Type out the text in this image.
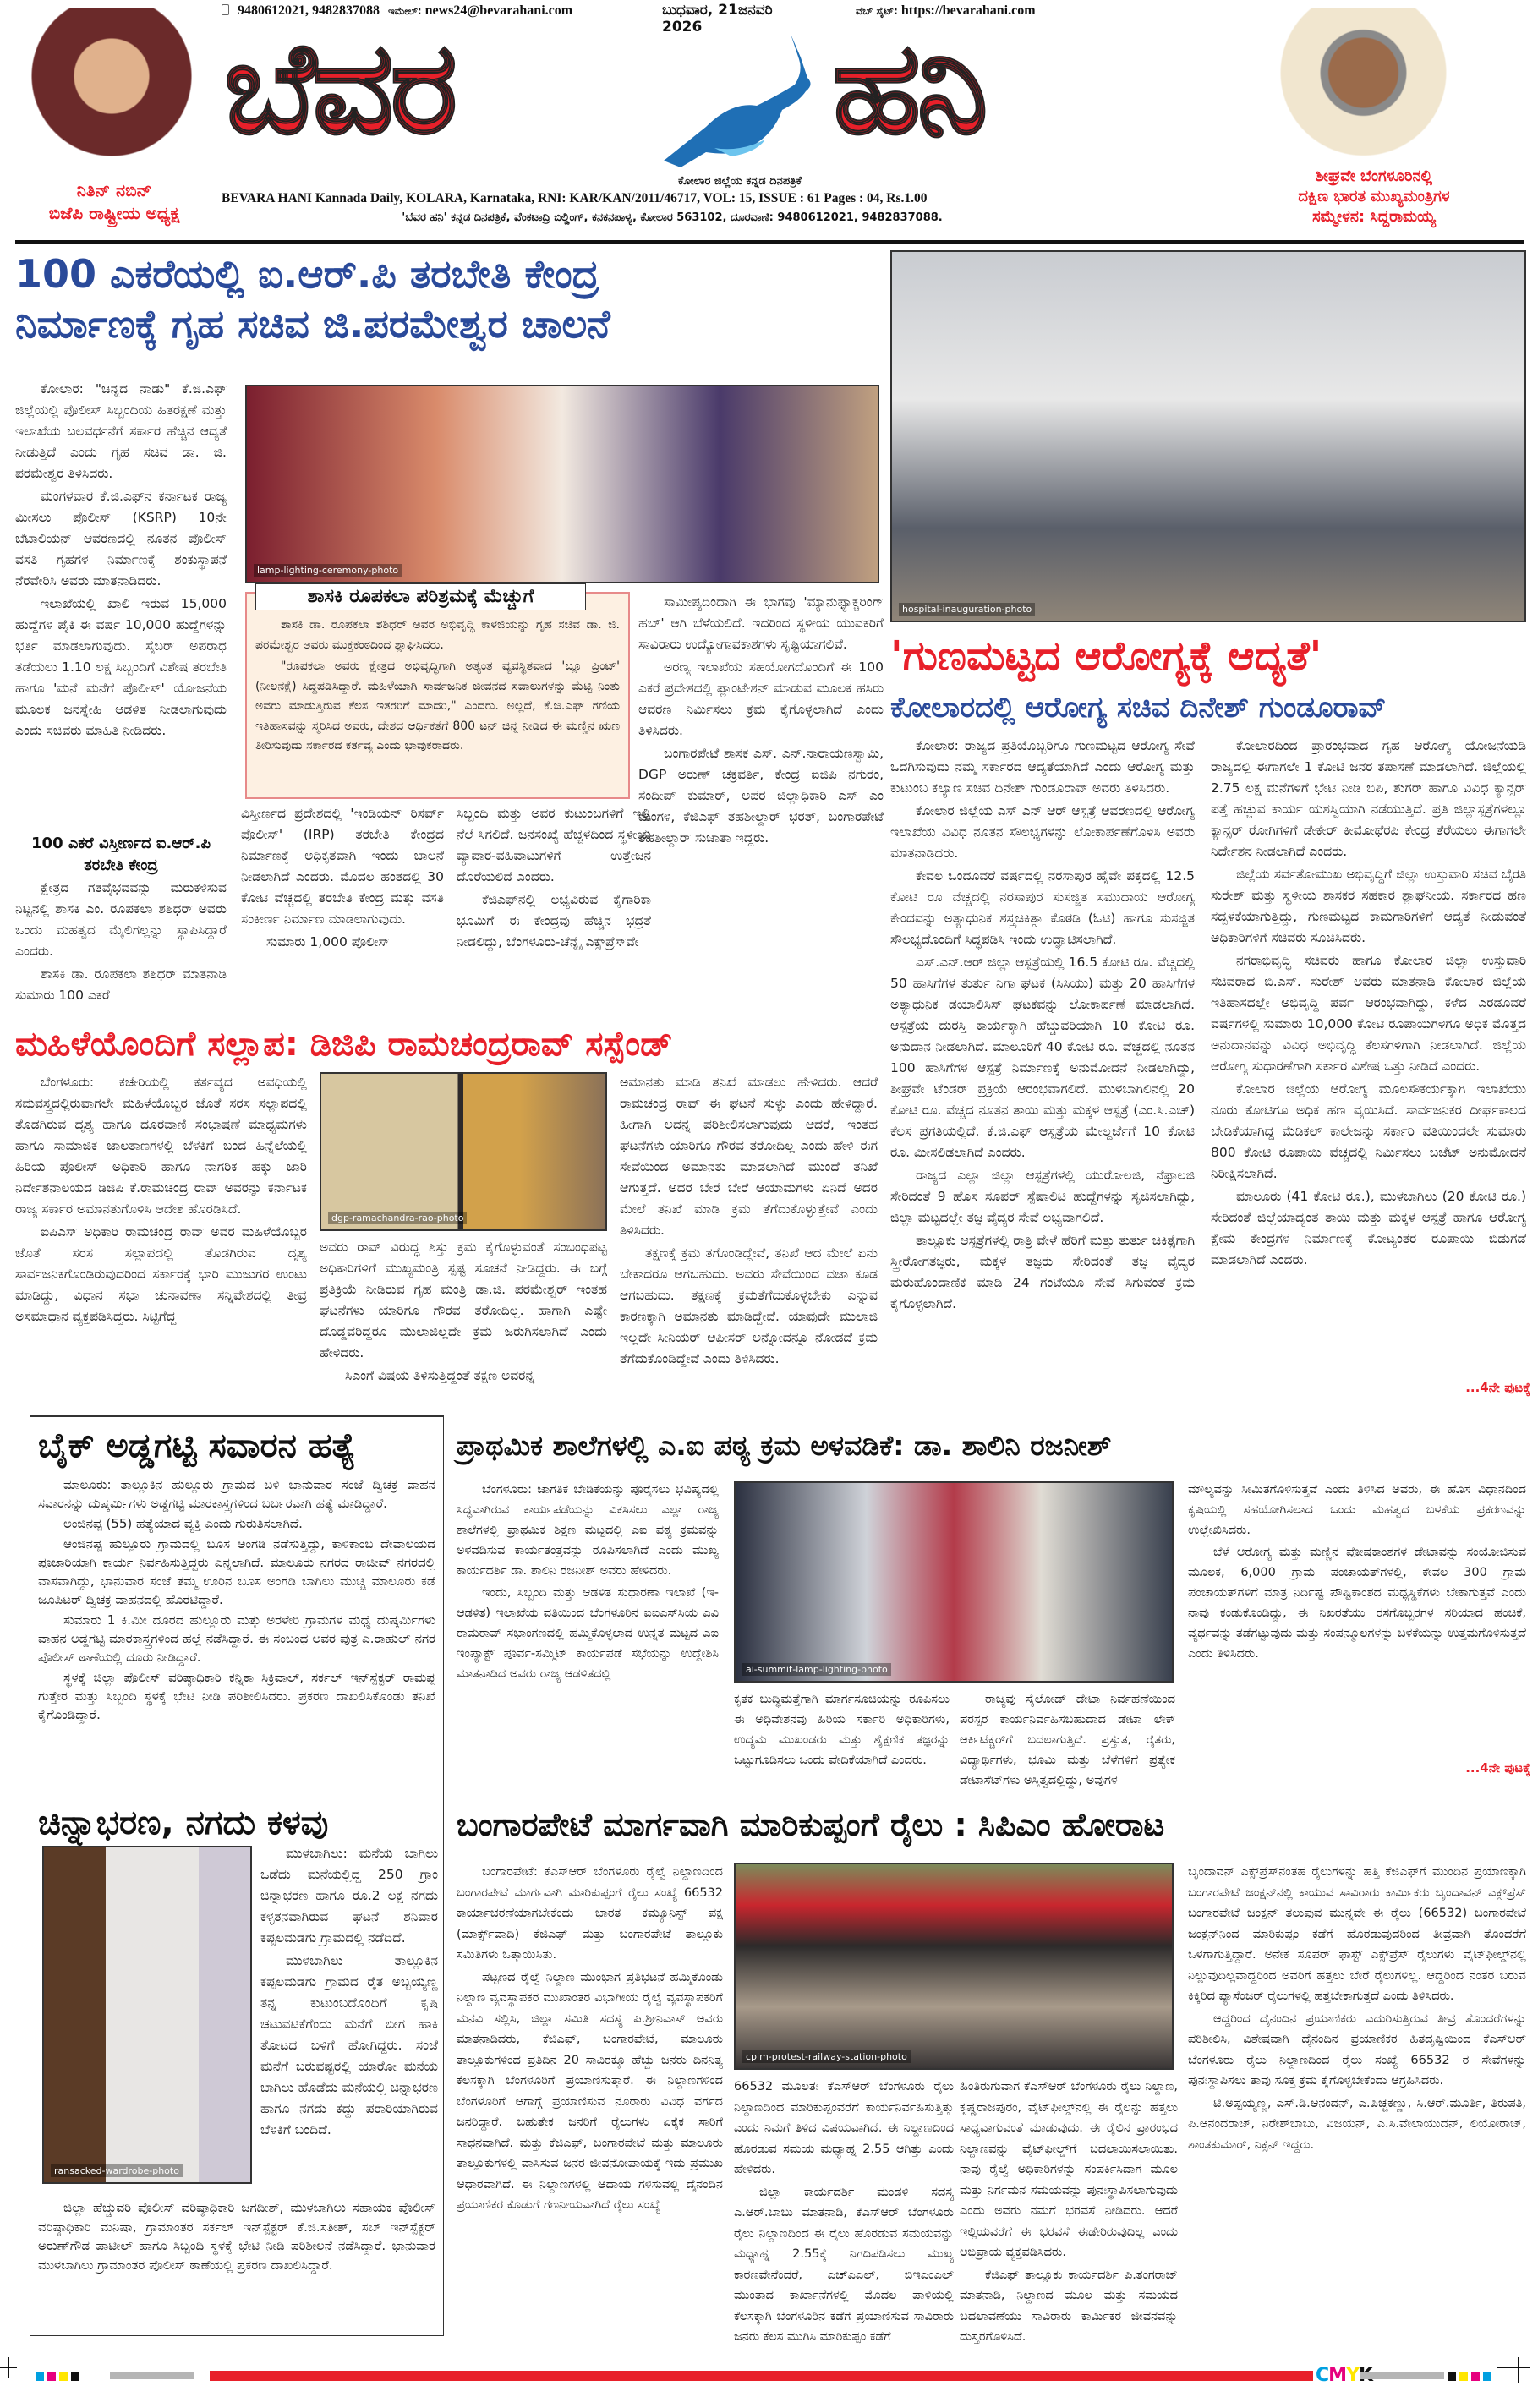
ನಿತಿನ್ ನಬಿನ್
ಬಿಜೆಪಿ ರಾಷ್ಟ್ರೀಯ ಅಧ್ಯಕ್ಷ
9480612021, 9482837088 ಇಮೇಲ್: news24@bevarahani.com	ಬುಧವಾರ, 21ಜನವರಿ 2026
ವೆಬ್ ಸೈಟ್: https://bevarahani.com
ಬೆವರ
ಕೋಲಾರ ಜಿಲ್ಲೆಯ ಕನ್ನಡ ದಿನಪತ್ರಿಕೆ
ಹನಿ
BEVARA HANI Kannada Daily, KOLARA, Karnataka, RNI: KAR/KAN/2011/46717, VOL: 15, ISSUE : 61 Pages : 04, Rs.1.00
'ಬೆವರ ಹನಿ' ಕನ್ನಡ ದಿನಪತ್ರಿಕೆ, ವೆಂಕಟಾದ್ರಿ ಬಿಲ್ಡಿಂಗ್, ಕನಕನಪಾಳ್ಯ, ಕೋಲಾರ 563102, ದೂರವಾಣಿ: 9480612021, 9482837088.
ಶೀಘ್ರವೇ ಬೆಂಗಳೂರಿನಲ್ಲಿ
ದಕ್ಷಿಣ ಭಾರತ ಮುಖ್ಯಮಂತ್ರಿಗಳ
ಸಮ್ಮೇಳನ: ಸಿದ್ದರಾಮಯ್ಯ
100 ಎಕರೆಯಲ್ಲಿ ಐ.ಆರ್.ಪಿ ತರಬೇತಿ ಕೇಂದ್ರ
ನಿರ್ಮಾಣಕ್ಕೆ ಗೃಹ ಸಚಿವ ಜಿ.ಪರಮೇಶ್ವರ ಚಾಲನೆ

ಕೋಲಾರ: "ಚಿನ್ನದ ನಾಡು" ಕೆ.ಜಿ.ಎಫ್ ಜಿಲ್ಲೆಯಲ್ಲಿ ಪೊಲೀಸ್ ಸಿಬ್ಬಂದಿಯ ಹಿತರಕ್ಷಣೆ ಮತ್ತು ಇಲಾಖೆಯ ಬಲವರ್ಧನೆಗೆ ಸರ್ಕಾರ ಹೆಚ್ಚಿನ ಆದ್ಯತೆ ನೀಡುತ್ತಿದೆ ಎಂದು ಗೃಹ ಸಚಿವ ಡಾ. ಜಿ. ಪರಮೇಶ್ವರ ತಿಳಿಸಿದರು.

ಮಂಗಳವಾರ ಕೆ.ಜಿ.ಎಫ್‌ನ ಕರ್ನಾಟಕ ರಾಜ್ಯ ಮೀಸಲು ಪೊಲೀಸ್ (KSRP) 10ನೇ ಬೆಟಾಲಿಯನ್ ಆವರಣದಲ್ಲಿ ನೂತನ ಪೊಲೀಸ್ ವಸತಿ ಗೃಹಗಳ ನಿರ್ಮಾಣಕ್ಕೆ ಶಂಕುಸ್ಥಾಪನೆ ನೆರವೇರಿಸಿ ಅವರು ಮಾತನಾಡಿದರು.

ಇಲಾಖೆಯಲ್ಲಿ ಖಾಲಿ ಇರುವ 15,000 ಹುದ್ದೆಗಳ ಪೈಕಿ ಈ ವರ್ಷ 10,000 ಹುದ್ದೆಗಳನ್ನು ಭರ್ತಿ ಮಾಡಲಾಗುವುದು. ಸೈಬರ್ ಅಪರಾಧ ತಡೆಯಲು 1.10 ಲಕ್ಷ ಸಿಬ್ಬಂದಿಗೆ ವಿಶೇಷ ತರಬೇತಿ ಹಾಗೂ 'ಮನೆ ಮನೆಗೆ ಪೊಲೀಸ್' ಯೋಜನೆಯ ಮೂಲಕ ಜನಸ್ನೇಹಿ ಆಡಳಿತ ನೀಡಲಾಗುವುದು ಎಂದು ಸಚಿವರು ಮಾಹಿತಿ ನೀಡಿದರು.

lamp-lighting-ceremony-photo
ಶಾಸಕಿ ರೂಪಕಲಾ ಪರಿಶ್ರಮಕ್ಕೆ ಮೆಚ್ಚುಗೆ

ಶಾಸಕಿ ಡಾ. ರೂಪಕಲಾ ಶಶಿಧರ್ ಅವರ ಅಭಿವೃದ್ಧಿ ಕಾಳಜಿಯನ್ನು ಗೃಹ ಸಚಿವ ಡಾ. ಜಿ. ಪರಮೇಶ್ವರ ಅವರು ಮುಕ್ತಕಂಠದಿಂದ ಶ್ಲಾಘಿಸಿದರು.

"ರೂಪಕಲಾ ಅವರು ಕ್ಷೇತ್ರದ ಅಭಿವೃದ್ಧಿಗಾಗಿ ಅತ್ಯಂತ ವ್ಯವಸ್ಥಿತವಾದ 'ಬ್ಲೂ ಪ್ರಿಂಟ್' (ನೀಲನಕ್ಷೆ) ಸಿದ್ಧಪಡಿಸಿದ್ದಾರೆ. ಮಹಿಳೆಯಾಗಿ ಸಾರ್ವಜನಿಕ ಜೀವನದ ಸವಾಲುಗಳನ್ನು ಮೆಟ್ಟಿ ನಿಂತು ಅವರು ಮಾಡುತ್ತಿರುವ ಕೆಲಸ ಇತರರಿಗೆ ಮಾದರಿ," ಎಂದರು. ಅಲ್ಲದೆ, ಕೆ.ಜಿ.ಎಫ್ ಗಣಿಯ ಇತಿಹಾಸವನ್ನು ಸ್ಮರಿಸಿದ ಅವರು, ದೇಶದ ಆರ್ಥಿಕತೆಗೆ 800 ಟನ್ ಚಿನ್ನ ನೀಡಿದ ಈ ಮಣ್ಣಿನ ಋಣ ತೀರಿಸುವುದು ಸರ್ಕಾರದ ಕರ್ತವ್ಯ ಎಂದು ಭಾವುಕರಾದರು.

ಸಾಮೀಪ್ಯದಿಂದಾಗಿ ಈ ಭಾಗವು 'ಮ್ಯಾನುಫ್ಯಾಕ್ಚರಿಂಗ್ ಹಬ್' ಆಗಿ ಬೆಳೆಯಲಿದೆ. ಇದರಿಂದ ಸ್ಥಳೀಯ ಯುವಕರಿಗೆ ಸಾವಿರಾರು ಉದ್ಯೋಗಾವಕಾಶಗಳು ಸೃಷ್ಟಿಯಾಗಲಿವೆ.

ಅರಣ್ಯ ಇಲಾಖೆಯ ಸಹಯೋಗದೊಂದಿಗೆ ಈ 100 ಎಕರೆ ಪ್ರದೇಶದಲ್ಲಿ ಪ್ಲಾಂಟೇಶನ್ ಮಾಡುವ ಮೂಲಕ ಹಸಿರು ಆವರಣ ನಿರ್ಮಿಸಲು ಕ್ರಮ ಕೈಗೊಳ್ಳಲಾಗಿದೆ ಎಂದು ತಿಳಿಸಿದರು.

ಬಂಗಾರಪೇಟೆ ಶಾಸಕ ಎಸ್. ಎನ್.ನಾರಾಯಣಸ್ವಾಮಿ, DGP ಅರುಣ್ ಚಕ್ರವರ್ತಿ, ಕೇಂದ್ರ ಐಜಿಪಿ ನಗುರಂ, ಸಂದೀಪ್ ಕುಮಾರ್, ಅಪರ ಜಿಲ್ಲಾಧಿಕಾರಿ ಎಸ್ ಎಂ ಮಂಗಳ, ಕೆಜಿಎಫ್ ತಹಶೀಲ್ದಾರ್ ಭರತ್, ಬಂಗಾರಪೇಟೆ ತಹಶೀಲ್ದಾರ್ ಸುಜಾತಾ ಇದ್ದರು.

100 ಎಕರೆ ವಿಸ್ತೀರ್ಣದ ಐ.ಆರ್.ಪಿ ತರಬೇತಿ ಕೇಂದ್ರ

ಕ್ಷೇತ್ರದ ಗತವೈಭವವನ್ನು ಮರುಕಳಿಸುವ ನಿಟ್ಟಿನಲ್ಲಿ ಶಾಸಕಿ ಎಂ. ರೂಪಕಲಾ ಶಶಿಧರ್ ಅವರು ಒಂದು ಮಹತ್ವದ ಮೈಲಿಗಲ್ಲನ್ನು ಸ್ಥಾಪಿಸಿದ್ದಾರೆ ಎಂದರು.

ಶಾಸಕಿ ಡಾ. ರೂಪಕಲಾ ಶಶಿಧರ್ ಮಾತನಾಡಿ ಸುಮಾರು 100 ಎಕರೆ

ವಿಸ್ತೀರ್ಣದ ಪ್ರದೇಶದಲ್ಲಿ 'ಇಂಡಿಯನ್ ರಿಸರ್ವ್ ಪೊಲೀಸ್' (IRP) ತರಬೇತಿ ಕೇಂದ್ರದ ನಿರ್ಮಾಣಕ್ಕೆ ಅಧಿಕೃತವಾಗಿ ಇಂದು ಚಾಲನೆ ನೀಡಲಾಗಿದೆ ಎಂದರು. ಮೊದಲ ಹಂತದಲ್ಲಿ 30 ಕೋಟಿ ವೆಚ್ಚದಲ್ಲಿ ತರಬೇತಿ ಕೇಂದ್ರ ಮತ್ತು ವಸತಿ ಸಂಕೀರ್ಣ ನಿರ್ಮಾಣ ಮಾಡಲಾಗುವುದು.

ಸುಮಾರು 1,000 ಪೊಲೀಸ್

ಸಿಬ್ಬಂದಿ ಮತ್ತು ಅವರ ಕುಟುಂಬಗಳಿಗೆ ಇಲ್ಲಿ ನೆಲೆ ಸಿಗಲಿದೆ. ಜನಸಂಖ್ಯೆ ಹೆಚ್ಚಳದಿಂದ ಸ್ಥಳೀಯ ವ್ಯಾಪಾರ-ವಹಿವಾಟುಗಳಿಗೆ ಉತ್ತೇಜನ ದೊರೆಯಲಿದೆ ಎಂದರು.

ಕೆಜಿಎಫ್‌ನಲ್ಲಿ ಲಭ್ಯವಿರುವ ಕೈಗಾರಿಕಾ ಭೂಮಿಗೆ ಈ ಕೇಂದ್ರವು ಹೆಚ್ಚಿನ ಭದ್ರತೆ ನೀಡಲಿದ್ದು, ಬೆಂಗಳೂರು-ಚೆನ್ನೈ ಎಕ್ಸ್‌ಪ್ರೆಸ್‌ವೇ

hospital-inauguration-photo
'ಗುಣಮಟ್ಟದ ಆರೋಗ್ಯಕ್ಕೆ ಆದ್ಯತೆ'
ಕೋಲಾರದಲ್ಲಿ ಆರೋಗ್ಯ ಸಚಿವ ದಿನೇಶ್ ಗುಂಡೂರಾವ್

ಕೋಲಾರ: ರಾಜ್ಯದ ಪ್ರತಿಯೊಬ್ಬರಿಗೂ ಗುಣಮಟ್ಟದ ಆರೋಗ್ಯ ಸೇವೆ ಒದಗಿಸುವುದು ನಮ್ಮ ಸರ್ಕಾರದ ಆದ್ಯತೆಯಾಗಿದೆ ಎಂದು ಆರೋಗ್ಯ ಮತ್ತು ಕುಟುಂಬ ಕಲ್ಯಾಣ ಸಚಿವ ದಿನೇಶ್ ಗುಂಡೂರಾವ್ ಅವರು ತಿಳಿಸಿದರು.

ಕೋಲಾರ ಜಿಲ್ಲೆಯ ಎಸ್ ಎನ್ ಆರ್ ಆಸ್ಪತ್ರೆ ಆವರಣದಲ್ಲಿ ಆರೋಗ್ಯ ಇಲಾಖೆಯ ವಿವಿಧ ನೂತನ ಸೌಲಭ್ಯಗಳನ್ನು ಲೋಕಾರ್ಪಣೆಗೊಳಿಸಿ ಅವರು ಮಾತನಾಡಿದರು.

ಕೇವಲ ಒಂದೂವರೆ ವರ್ಷದಲ್ಲಿ ನರಸಾಪುರ ಹೈವೇ ಪಕ್ಕದಲ್ಲಿ 12.5 ಕೋಟಿ ರೂ ವೆಚ್ಚದಲ್ಲಿ ನರಸಾಪುರ ಸುಸಜ್ಜಿತ ಸಮುದಾಯ ಆರೋಗ್ಯ ಕೇಂದವನ್ನು ಅತ್ಯಾಧುನಿಕ ಶಸ್ತ್ರಚಿಕಿತ್ಸಾ ಕೊಠಡಿ (ಓಟಿ) ಹಾಗೂ ಸುಸಜ್ಜಿತ ಸೌಲಭ್ಯದೊಂದಿಗೆ ಸಿದ್ಧಪಡಿಸಿ ಇಂದು ಉದ್ಘಾಟಿಸಲಾಗಿದೆ.

ಎಸ್.ಎನ್.ಆರ್ ಜಿಲ್ಲಾ ಆಸ್ಪತ್ರೆಯಲ್ಲಿ 16.5 ಕೋಟಿ ರೂ. ವೆಚ್ಚದಲ್ಲಿ 50 ಹಾಸಿಗೆಗಳ ತುರ್ತು ನಿಗಾ ಘಟಕ (ಸಿಸಿಯು) ಮತ್ತು 20 ಹಾಸಿಗೆಗಳ ಅತ್ಯಾಧುನಿಕ ಡಯಾಲಿಸಿಸ್ ಘಟಕವನ್ನು ಲೋಕಾರ್ಪಣೆ ಮಾಡಲಾಗಿದೆ. ಆಸ್ಪತ್ರೆಯ ದುರಸ್ತಿ ಕಾರ್ಯಕ್ಕಾಗಿ ಹೆಚ್ಚುವರಿಯಾಗಿ 10 ಕೋಟಿ ರೂ. ಅನುದಾನ ನೀಡಲಾಗಿದೆ. ಮಾಲೂರಿಗೆ 40 ಕೋಟಿ ರೂ. ವೆಚ್ಚದಲ್ಲಿ ನೂತನ 100 ಹಾಸಿಗೆಗಳ ಆಸ್ಪತ್ರೆ ನಿರ್ಮಾಣಕ್ಕೆ ಅನುಮೋದನೆ ನೀಡಲಾಗಿದ್ದು, ಶೀಘ್ರವೇ ಟೆಂಡರ್ ಪ್ರಕ್ರಿಯೆ ಆರಂಭವಾಗಲಿದೆ. ಮುಳಬಾಗಿಲಿನಲ್ಲಿ 20 ಕೋಟಿ ರೂ. ವೆಚ್ಚದ ನೂತನ ತಾಯಿ ಮತ್ತು ಮಕ್ಕಳ ಆಸ್ಪತ್ರೆ (ಎಂ.ಸಿ.ಎಚ್) ಕೆಲಸ ಪ್ರಗತಿಯಲ್ಲಿದೆ. ಕೆ.ಜಿ.ಎಫ್ ಆಸ್ಪತ್ರೆಯ ಮೇಲ್ದರ್ಜೆಗೆ 10 ಕೋಟಿ ರೂ. ಮೀಸಲಿಡಲಾಗಿದೆ ಎಂದರು.

ರಾಜ್ಯದ ಎಲ್ಲಾ ಜಿಲ್ಲಾ ಆಸ್ಪತ್ರೆಗಳಲ್ಲಿ ಯುರೋಲಜಿ, ನೆಫ್ರಾಲಜಿ ಸೇರಿದಂತೆ 9 ಹೊಸ ಸೂಪರ್ ಸ್ಪೆಷಾಲಿಟಿ ಹುದ್ದೆಗಳನ್ನು ಸೃಜಿಸಲಾಗಿದ್ದು, ಜಿಲ್ಲಾ ಮಟ್ಟದಲ್ಲೇ ತಜ್ಞ ವೈದ್ಯರ ಸೇವೆ ಲಭ್ಯವಾಗಲಿದೆ.

ತಾಲ್ಲೂಕು ಆಸ್ಪತ್ರೆಗಳಲ್ಲಿ ರಾತ್ರಿ ವೇಳೆ ಹೆರಿಗೆ ಮತ್ತು ತುರ್ತು ಚಿಕಿತ್ಸೆಗಾಗಿ ಸ್ತ್ರೀರೋಗತಜ್ಞರು, ಮಕ್ಕಳ ತಜ್ಞರು ಸೇರಿದಂತೆ ತಜ್ಞ ವೈದ್ಯರ ಮರುಹೊಂದಾಣಿಕೆ ಮಾಡಿ 24 ಗಂಟೆಯೂ ಸೇವೆ ಸಿಗುವಂತೆ ಕ್ರಮ ಕೈಗೊಳ್ಳಲಾಗಿದೆ.

ಕೋಲಾರದಿಂದ ಪ್ರಾರಂಭವಾದ ಗೃಹ ಆರೋಗ್ಯ ಯೋಜನೆಯಡಿ ರಾಜ್ಯದಲ್ಲಿ ಈಗಾಗಲೇ 1 ಕೋಟಿ ಜನರ ತಪಾಸಣೆ ಮಾಡಲಾಗಿದೆ. ಜಿಲ್ಲೆಯಲ್ಲಿ 2.75 ಲಕ್ಷ ಮನೆಗಳಿಗೆ ಭೇಟಿ ನೀಡಿ ಬಿಪಿ, ಶುಗರ್ ಹಾಗೂ ವಿವಿಧ ಕ್ಯಾನ್ಸರ್ ಪತ್ತೆ ಹಚ್ಚುವ ಕಾರ್ಯ ಯಶಸ್ವಿಯಾಗಿ ನಡೆಯುತ್ತಿದೆ. ಪ್ರತಿ ಜಿಲ್ಲಾಸ್ಪತ್ರೆಗಳಲ್ಲೂ ಕ್ಯಾನ್ಸರ್ ರೋಗಿಗಳಿಗೆ ಡೇಕೇರ್ ಕೀಮೋಥೆರಪಿ ಕೇಂದ್ರ ತೆರೆಯಲು ಈಗಾಗಲೇ ನಿರ್ದೇಶನ ನೀಡಲಾಗಿದೆ ಎಂದರು.

ಜಿಲ್ಲೆಯ ಸರ್ವತೋಮುಖ ಅಭಿವೃದ್ಧಿಗೆ ಜಿಲ್ಲಾ ಉಸ್ತುವಾರಿ ಸಚಿವ ಬೈರತಿ ಸುರೇಶ್ ಮತ್ತು ಸ್ಥಳೀಯ ಶಾಸಕರ ಸಹಕಾರ ಶ್ಲಾಘನೀಯ. ಸರ್ಕಾರದ ಹಣ ಸದ್ಬಳಕೆಯಾಗುತ್ತಿದ್ದು, ಗುಣಮಟ್ಟದ ಕಾಮಗಾರಿಗಳಿಗೆ ಆದ್ಯತೆ ನೀಡುವಂತೆ ಅಧಿಕಾರಿಗಳಿಗೆ ಸಚಿವರು ಸೂಚಿಸಿದರು.

ನಗರಾಭಿವೃದ್ಧಿ ಸಚಿವರು ಹಾಗೂ ಕೋಲಾರ ಜಿಲ್ಲಾ ಉಸ್ತುವಾರಿ ಸಚಿವರಾದ ಬಿ.ಎಸ್. ಸುರೇಶ್ ಅವರು ಮಾತನಾಡಿ ಕೋಲಾರ ಜಿಲ್ಲೆಯ ಇತಿಹಾಸದಲ್ಲೇ ಅಭಿವೃದ್ಧಿ ಪರ್ವ ಆರಂಭವಾಗಿದ್ದು, ಕಳೆದ ಎರಡೂವರೆ ವರ್ಷಗಳಲ್ಲಿ ಸುಮಾರು 10,000 ಕೋಟಿ ರೂಪಾಯಿಗಳಿಗೂ ಅಧಿಕ ಮೊತ್ತದ ಅನುದಾನವನ್ನು ವಿವಿಧ ಅಭಿವೃದ್ಧಿ ಕೆಲಸಗಳಿಗಾಗಿ ನೀಡಲಾಗಿದೆ. ಜಿಲ್ಲೆಯ ಆರೋಗ್ಯ ಸುಧಾರಣೆಗಾಗಿ ಸರ್ಕಾರ ವಿಶೇಷ ಒತ್ತು ನೀಡಿದೆ ಎಂದರು.

ಕೋಲಾರ ಜಿಲ್ಲೆಯ ಆರೋಗ್ಯ ಮೂಲಸೌಕರ್ಯಕ್ಕಾಗಿ ಇಲಾಖೆಯು ನೂರು ಕೋಟಿಗೂ ಅಧಿಕ ಹಣ ವ್ಯಯಿಸಿದೆ. ಸಾರ್ವಜನಿಕರ ದೀರ್ಘಕಾಲದ ಬೇಡಿಕೆಯಾಗಿದ್ದ ಮೆಡಿಕಲ್ ಕಾಲೇಜನ್ನು ಸರ್ಕಾರಿ ವತಿಯಿಂದಲೇ ಸುಮಾರು 800 ಕೋಟಿ ರೂಪಾಯಿ ವೆಚ್ಚದಲ್ಲಿ ನಿರ್ಮಿಸಲು ಬಜೆಟ್ ಅನುಮೋದನೆ ನಿರೀಕ್ಷಿಸಲಾಗಿದೆ.

ಮಾಲೂರು (41 ಕೋಟಿ ರೂ.), ಮುಳಬಾಗಿಲು (20 ಕೋಟಿ ರೂ.) ಸೇರಿದಂತೆ ಜಿಲ್ಲೆಯಾದ್ಯಂತ ತಾಯಿ ಮತ್ತು ಮಕ್ಕಳ ಆಸ್ಪತ್ರೆ ಹಾಗೂ ಆರೋಗ್ಯ ಕ್ಷೇಮ ಕೇಂದ್ರಗಳ ನಿರ್ಮಾಣಕ್ಕೆ ಕೋಟ್ಯಂತರ ರೂಪಾಯಿ ಬಿಡುಗಡೆ ಮಾಡಲಾಗಿದೆ ಎಂದರು.

...4ನೇ ಪುಟಕ್ಕೆ
ಮಹಿಳೆಯೊಂದಿಗೆ ಸಲ್ಲಾಪ: ಡಿಜಿಪಿ ರಾಮಚಂದ್ರರಾವ್ ಸಸ್ಪೆಂಡ್

ಬೆಂಗಳೂರು: ಕಚೇರಿಯಲ್ಲಿ ಕರ್ತವ್ಯದ ಅವಧಿಯಲ್ಲಿ ಸಮವಸ್ತ್ರದಲ್ಲಿರುವಾಗಲೇ ಮಹಿಳೆಯೊಬ್ಬರ ಜೊತೆ ಸರಸ ಸಲ್ಲಾಪದಲ್ಲಿ ತೊಡಗಿರುವ ದೃಶ್ಯ ಹಾಗೂ ದೂರವಾಣಿ ಸಂಭಾಷಣೆ ಮಾಧ್ಯಮಗಳು ಹಾಗೂ ಸಾಮಾಜಿಕ ಜಾಲತಾಣಗಳಲ್ಲಿ ಬೆಳಕಿಗೆ ಬಂದ ಹಿನ್ನೆಲೆಯಲ್ಲಿ ಹಿರಿಯ ಪೊಲೀಸ್ ಅಧಿಕಾರಿ ಹಾಗೂ ನಾಗರಿಕ ಹಕ್ಕು ಜಾರಿ ನಿರ್ದೇಶನಾಲಯದ ಡಿಜಿಪಿ ಕೆ.ರಾಮಚಂದ್ರ ರಾವ್ ಅವರನ್ನು ಕರ್ನಾಟಕ ರಾಜ್ಯ ಸರ್ಕಾರ ಅಮಾನತುಗೊಳಿಸಿ ಆದೇಶ ಹೊರಡಿಸಿದೆ.

ಐಪಿಎಸ್ ಅಧಿಕಾರಿ ರಾಮಚಂದ್ರ ರಾವ್ ಅವರ ಮಹಿಳೆಯೊಬ್ಬರ ಜೊತೆ ಸರಸ ಸಲ್ಲಾಪದಲ್ಲಿ ತೊಡಗಿರುವ ದೃಶ್ಯ ಸಾರ್ವಜನಿಕಗೊಂಡಿರುವುದರಿಂದ ಸರ್ಕಾರಕ್ಕೆ ಭಾರಿ ಮುಜುಗರ ಉಂಟು ಮಾಡಿದ್ದು, ವಿಧಾನ ಸಭಾ ಚುನಾವಣಾ ಸನ್ನಿವೇಶದಲ್ಲಿ ತೀವ್ರ ಅಸಮಾಧಾನ ವ್ಯಕ್ತಪಡಿಸಿದ್ದರು. ಸಿಟ್ಟಿಗೆದ್ದ

dgp-ramachandra-rao-photo

ಅವರು ರಾವ್ ವಿರುದ್ಧ ಶಿಸ್ತು ಕ್ರಮ ಕೈಗೊಳ್ಳುವಂತೆ ಸಂಬಂಧಪಟ್ಟ ಅಧಿಕಾರಿಗಳಿಗೆ ಮುಖ್ಯಮಂತ್ರಿ ಸ್ಪಷ್ಟ ಸೂಚನೆ ನೀಡಿದ್ದರು. ಈ ಬಗ್ಗೆ ಪ್ರತಿಕ್ರಿಯೆ ನೀಡಿರುವ ಗೃಹ ಮಂತ್ರಿ ಡಾ.ಜಿ. ಪರಮೇಶ್ವರ್ ಇಂತಹ ಘಟನೆಗಳು ಯಾರಿಗೂ ಗೌರವ ತರೋದಿಲ್ಲ. ಹಾಗಾಗಿ ಎಷ್ಟೇ ದೊಡ್ಡವರಿದ್ದರೂ ಮುಲಾಜಿಲ್ಲದೇ ಕ್ರಮ ಜರುಗಿಸಲಾಗಿದೆ ಎಂದು ಹೇಳಿದರು.

ಸಿಎಂಗೆ ವಿಷಯ ತಿಳಿಸುತ್ತಿದ್ದಂತೆ ತಕ್ಷಣ ಅವರನ್ನ

ಅಮಾನತು ಮಾಡಿ ತನಿಖೆ ಮಾಡಲು ಹೇಳಿದರು. ಆದರೆ ರಾಮಚಂದ್ರ ರಾವ್ ಈ ಘಟನೆ ಸುಳ್ಳು ಎಂದು ಹೇಳಿದ್ದಾರೆ. ಹೀಗಾಗಿ ಅದನ್ನ ಪರಿಶೀಲಿಸಲಾಗುವುದು ಆದರೆ, ಇಂತಹ ಘಟನೆಗಳು ಯಾರಿಗೂ ಗೌರವ ತರೋದಿಲ್ಲ ಎಂದು ಹೇಳಿ ಈಗ ಸೇವೆಯಿಂದ ಅಮಾನತು ಮಾಡಲಾಗಿದೆ ಮುಂದೆ ತನಿಖೆ ಆಗುತ್ತದೆ. ಅದರ ಬೇರೆ ಬೇರೆ ಆಯಾಮಗಳು ಏನಿದೆ ಅದರ ಮೇಲೆ ತನಿಖೆ ಮಾಡಿ ಕ್ರಮ ತೆಗೆದುಕೊಳ್ಳುತ್ತೇವೆ ಎಂದು ತಿಳಿಸಿದರು.

ತಕ್ಷಣಕ್ಕೆ ಕ್ರಮ ತಗೊಂಡಿದ್ದೇವೆ, ತನಿಖೆ ಆದ ಮೇಲೆ ಏನು ಬೇಕಾದರೂ ಆಗಬಹುದು. ಅವರು ಸೇವೆಯಿಂದ ವಜಾ ಕೂಡ ಆಗಬಹುದು. ತಕ್ಷಣಕ್ಕೆ ಕ್ರಮತೆಗೆದುಕೊಳ್ಳಬೇಕು ಎನ್ನುವ ಕಾರಣಕ್ಕಾಗಿ ಅಮಾನತು ಮಾಡಿದ್ದೇವೆ. ಯಾವುದೇ ಮುಲಾಜಿ ಇಲ್ಲದೇ ಸೀನಿಯರ್ ಆಫೀಸರ್ ಅನ್ನೋದನ್ನೂ ನೋಡದೆ ಕ್ರಮ ತೆಗೆದುಕೊಂಡಿದ್ದೇವೆ ಎಂದು ತಿಳಿಸಿದರು.

ಬೈಕ್ ಅಡ್ಡಗಟ್ಟಿ ಸವಾರನ ಹತ್ಯೆ

ಮಾಲೂರು: ತಾಲ್ಲೂಕಿನ ಹುಲ್ಲೂರು ಗ್ರಾಮದ ಬಳಿ ಭಾನುವಾರ ಸಂಜೆ ದ್ವಿಚಕ್ರ ವಾಹನ ಸವಾರನನ್ನು ದುಷ್ಕರ್ಮಿಗಳು ಅಡ್ಡಗಟ್ಟಿ ಮಾರಕಾಸ್ತ್ರಗಳಿಂದ ಬರ್ಬರವಾಗಿ ಹತ್ಯೆ ಮಾಡಿದ್ದಾರೆ.

ಅಂಜಿನಪ್ಪ (55) ಹತ್ಯೆಯಾದ ವ್ಯಕ್ತಿ ಎಂದು ಗುರುತಿಸಲಾಗಿದೆ.

ಆಂಜಿನಪ್ಪ ಹುಲ್ಲೂರು ಗ್ರಾಮದಲ್ಲಿ ಬೂಸ ಅಂಗಡಿ ನಡೆಸುತ್ತಿದ್ದು, ಕಾಳಿಕಾಂಬ ದೇವಾಲಯದ ಪೂಜಾರಿಯಾಗಿ ಕಾರ್ಯ ನಿರ್ವಹಿಸುತ್ತಿದ್ದರು ಎನ್ನಲಾಗಿದೆ. ಮಾಲೂರು ನಗರದ ರಾಜೀವ್ ನಗರದಲ್ಲಿ ವಾಸವಾಗಿದ್ದು, ಭಾನುವಾರ ಸಂಜೆ ತಮ್ಮ ಊರಿನ ಬೂಸ ಅಂಗಡಿ ಬಾಗಿಲು ಮುಚ್ಚಿ ಮಾಲೂರು ಕಡೆ ಜೂಪಿಟರ್ ದ್ವಿಚಕ್ರ ವಾಹನದಲ್ಲಿ ಹೊರಟಿದ್ದಾರೆ.

ಸುಮಾರು 1 ಕಿ.ಮೀ ದೂರದ ಹುಲ್ಲೂರು ಮತ್ತು ಅರಳೇರಿ ಗ್ರಾಮಗಳ ಮಧ್ಯೆ ದುಷ್ಕರ್ಮಿಗಳು ವಾಹನ ಅಡ್ಡಗಟ್ಟಿ ಮಾರಕಾಸ್ತ್ರಗಳಿಂದ ಹಲ್ಲೆ ನಡೆಸಿದ್ದಾರೆ. ಈ ಸಂಬಂಧ ಅವರ ಪುತ್ರ ಎ.ರಾಹುಲ್ ನಗರ ಪೊಲೀಸ್ ಠಾಣೆಯಲ್ಲಿ ದೂರು ನೀಡಿದ್ದಾರೆ.

ಸ್ಥಳಕ್ಕೆ ಜಿಲ್ಲಾ ಪೊಲೀಸ್ ವರಿಷ್ಠಾಧಿಕಾರಿ ಕನ್ನಿಕಾ ಸಿಕ್ರಿವಾಲ್, ಸರ್ಕಲ್ ಇನ್‌ಸ್ಪೆಕ್ಟರ್ ರಾಮಪ್ಪ ಗುತ್ತೇರ ಮತ್ತು ಸಿಬ್ಬಂದಿ ಸ್ಥಳಕ್ಕೆ ಭೇಟಿ ನೀಡಿ ಪರಿಶೀಲಿಸಿದರು. ಪ್ರಕರಣ ದಾಖಲಿಸಿಕೊಂಡು ತನಿಖೆ ಕೈಗೊಂಡಿದ್ದಾರೆ.

ಚಿನ್ನಾಭರಣ, ನಗದು ಕಳವು
ransacked-wardrobe-photo

ಮುಳಬಾಗಿಲು: ಮನೆಯ ಬಾಗಿಲು ಒಡೆದು ಮನೆಯಲ್ಲಿದ್ದ 250 ಗ್ರಾಂ ಚಿನ್ನಾಭರಣ ಹಾಗೂ ರೂ.2 ಲಕ್ಷ ನಗದು ಕಳ್ಳತನವಾಗಿರುವ ಘಟನೆ ಶನಿವಾರ ಕಪ್ಪಲಮಡಗು ಗ್ರಾಮದಲ್ಲಿ ನಡೆದಿದೆ.

ಮುಳಬಾಗಿಲು ತಾಲ್ಲೂಕಿನ ಕಪ್ಪಲಮಡಗು ಗ್ರಾಮದ ರೈತ ಅಬ್ಬಯ್ಯಣ್ಣ ತನ್ನ ಕುಟುಂಬದೊಂದಿಗೆ ಕೃಷಿ ಚಟುವಟಿಕೆಗೆಂದು ಮನೆಗೆ ಬೀಗ ಹಾಕಿ ತೋಟದ ಬಳಿಗೆ ಹೋಗಿದ್ದರು. ಸಂಜೆ ಮನೆಗೆ ಬರುವಷ್ಟರಲ್ಲಿ ಯಾರೋ ಮನೆಯ ಬಾಗಿಲು ಹೊಡೆದು ಮನೆಯಲ್ಲಿ ಚಿನ್ನಾಭರಣ ಹಾಗೂ ನಗದು ಕದ್ದು ಪರಾರಿಯಾಗಿರುವ ಬೆಳಕಿಗೆ ಬಂದಿದೆ.

ಜಿಲ್ಲಾ ಹೆಚ್ಚುವರಿ ಪೊಲೀಸ್ ವರಿಷ್ಠಾಧಿಕಾರಿ ಜಗದೀಶ್, ಮುಳಬಾಗಿಲು ಸಹಾಯಕ ಪೊಲೀಸ್ ವರಿಷ್ಠಾಧಿಕಾರಿ ಮನಿಷಾ, ಗ್ರಾಮಾಂತರ ಸರ್ಕಲ್ ಇನ್‌ಸ್ಪೆಕ್ಟರ್ ಕೆ.ಜಿ.ಸತೀಶ್, ಸಬ್ ಇನ್‌ಸ್ಪೆಕ್ಟರ್ ಅರುಣ್‌ಗೌಡ ಪಾಟೀಲ್ ಹಾಗೂ ಸಿಬ್ಬಂದಿ ಸ್ಥಳಕ್ಕೆ ಭೇಟಿ ನೀಡಿ ಪರಿಶೀಲನೆ ನಡೆಸಿದ್ದಾರೆ. ಭಾನುವಾರ ಮುಳಬಾಗಿಲು ಗ್ರಾಮಾಂತರ ಪೊಲೀಸ್ ಠಾಣೆಯಲ್ಲಿ ಪ್ರಕರಣ ದಾಖಲಿಸಿದ್ದಾರೆ.

ಪ್ರಾಥಮಿಕ ಶಾಲೆಗಳಲ್ಲಿ ಎ.ಐ ಪಠ್ಯ ಕ್ರಮ ಅಳವಡಿಕೆ: ಡಾ. ಶಾಲಿನಿ ರಜನೀಶ್

ಬೆಂಗಳೂರು: ಜಾಗತಿಕ ಬೇಡಿಕೆಯನ್ನು ಪೂರೈಸಲು ಭವಿಷ್ಯದಲ್ಲಿ ಸಿದ್ಧವಾಗಿರುವ ಕಾರ್ಯಪಡೆಯನ್ನು ವಿಕಸಿಸಲು ಎಲ್ಲಾ ರಾಜ್ಯ ಶಾಲೆಗಳಲ್ಲಿ ಪ್ರಾಥಮಿಕ ಶಿಕ್ಷಣ ಮಟ್ಟದಲ್ಲಿ ಎಐ ಪಠ್ಯ ಕ್ರಮವನ್ನು ಅಳವಡಿಸುವ ಕಾರ್ಯತಂತ್ರವನ್ನು ರೂಪಿಸಲಾಗಿದೆ ಎಂದು ಮುಖ್ಯ ಕಾರ್ಯದರ್ಶಿ ಡಾ. ಶಾಲಿನಿ ರಜನೀಶ್ ಅವರು ಹೇಳಿದರು.

ಇಂದು, ಸಿಬ್ಬಂದಿ ಮತ್ತು ಆಡಳಿತ ಸುಧಾರಣಾ ಇಲಾಖೆ (ಇ-ಆಡಳಿತ) ಇಲಾಖೆಯ ವತಿಯಿಂದ ಬೆಂಗಳೂರಿನ ಐಐಎಸ್‌ಸಿಯ ಎವಿ ರಾಮರಾವ್ ಸಭಾಂಗಣದಲ್ಲಿ ಹಮ್ಮಿಕೊಳ್ಳಲಾದ ಉನ್ನತ ಮಟ್ಟದ ಎಐ ಇಂಪ್ಯಾಕ್ಟ್ ಪೂರ್ವ-ಸಮ್ಮಿಟ್ ಕಾರ್ಯಪಡೆ ಸಭೆಯನ್ನು ಉದ್ದೇಶಿಸಿ ಮಾತನಾಡಿದ ಅವರು ರಾಜ್ಯ ಆಡಳಿತದಲ್ಲಿ	ai-summit-lamp-lighting-photo

ಕೃತಕ ಬುದ್ಧಿಮತ್ತೆಗಾಗಿ ಮಾರ್ಗಸೂಚಿಯನ್ನು ರೂಪಿಸಲು ಈ ಅಧಿವೇಶನವು ಹಿರಿಯ ಸರ್ಕಾರಿ ಅಧಿಕಾರಿಗಳು, ಉದ್ಯಮ ಮುಖಂಡರು ಮತ್ತು ಶೈಕ್ಷಣಿಕ ತಜ್ಞರನ್ನು ಒಟ್ಟುಗೂಡಿಸಲು ಒಂದು ವೇದಿಕೆಯಾಗಿದೆ ಎಂದರು.

ರಾಜ್ಯವು ಸೈಲೋಡ್ ಡೇಟಾ ನಿರ್ವಹಣೆಯಿಂದ ಪರಸ್ಪರ ಕಾರ್ಯನಿರ್ವಹಿಸಬಹುದಾದ ಡೇಟಾ ಲೇಕ್ ಆರ್ಕಿಟೆಕ್ಚರ್‌ಗೆ ಬದಲಾಗುತ್ತಿದೆ. ಪ್ರಸ್ತುತ, ರೈತರು, ವಿದ್ಯಾರ್ಥಿಗಳು, ಭೂಮಿ ಮತ್ತು ಬೆಳೆಗಳಿಗೆ ಪ್ರತ್ಯೇಕ ಡೇಟಾಸೆಟ್‌ಗಳು ಅಸ್ತಿತ್ವದಲ್ಲಿದ್ದು, ಅವುಗಳ

ಮೌಲ್ಯವನ್ನು ಸೀಮಿತಗೊಳಿಸುತ್ತವೆ ಎಂದು ತಿಳಿಸಿದ ಅವರು, ಈ ಹೊಸ ವಿಧಾನದಿಂದ ಕೃಷಿಯಲ್ಲಿ ಸಹಯೋಗಿಸಲಾದ ಒಂದು ಮಹತ್ವದ ಬಳಕೆಯ ಪ್ರಕರಣವನ್ನು ಉಲ್ಲೇಖಿಸಿದರು.

ಬೆಳೆ ಆರೋಗ್ಯ ಮತ್ತು ಮಣ್ಣಿನ ಪೋಷಕಾಂಶಗಳ ಡೇಟಾವನ್ನು ಸಂಯೋಜಿಸುವ ಮೂಲಕ, 6,000 ಗ್ರಾಮ ಪಂಚಾಯತ್‌ಗಳಲ್ಲಿ, ಕೇವಲ 300 ಗ್ರಾಮ ಪಂಚಾಯತ್‌ಗಳಿಗೆ ಮಾತ್ರ ನಿರ್ದಿಷ್ಟ ಪೌಷ್ಟಿಕಾಂಶದ ಮಧ್ಯಸ್ಥಿಕೆಗಳು ಬೇಕಾಗುತ್ತವೆ ಎಂದು ನಾವು ಕಂಡುಕೊಂಡಿದ್ದು, ಈ ನಿಖರತೆಯು ರಸಗೊಬ್ಬರಗಳ ಸರಿಯಾದ ಹಂಚಿಕೆ, ವ್ಯರ್ಥವನ್ನು ತಡೆಗಟ್ಟುವುದು ಮತ್ತು ಸಂಪನ್ಮೂಲಗಳನ್ನು ಬಳಕೆಯನ್ನು ಉತ್ತಮಗೊಳಿಸುತ್ತದೆ ಎಂದು ತಿಳಿಸಿದರು.

...4ನೇ ಪುಟಕ್ಕೆ
ಬಂಗಾರಪೇಟೆ ಮಾರ್ಗವಾಗಿ ಮಾರಿಕುಪ್ಪಂಗೆ ರೈಲು : ಸಿಪಿಎಂ ಹೋರಾಟ

ಬಂಗಾರಪೇಟೆ: ಕೆಎಸ್‌ಆರ್ ಬೆಂಗಳೂರು ರೈಲ್ವೆ ನಿಲ್ದಾಣದಿಂದ ಬಂಗಾರಪೇಟೆ ಮಾರ್ಗವಾಗಿ ಮಾರಿಕುಪ್ಪಂಗೆ ರೈಲು ಸಂಖ್ಯೆ 66532 ಕಾರ್ಯಾಚರಣೆಯಾಗಬೇಕೆಂದು ಭಾರತ ಕಮ್ಯೂನಿಸ್ಟ್ ಪಕ್ಷ (ಮಾರ್ಕ್ಸ್‌ವಾದಿ) ಕೆಜಿಎಫ್ ಮತ್ತು ಬಂಗಾರಪೇಟೆ ತಾಲ್ಲೂಕು ಸಮಿತಿಗಳು ಒತ್ತಾಯಿಸಿತು.

ಪಟ್ಟಣದ ರೈಲ್ವೆ ನಿಲ್ದಾಣ ಮುಂಭಾಗ ಪ್ರತಿಭಟನೆ ಹಮ್ಮಿಕೊಂಡು ನಿಲ್ದಾಣ ವ್ಯವಸ್ಥಾಪಕರ ಮುಖಾಂತರ ವಿಭಾಗೀಯ ರೈಲ್ವೆ ವ್ಯವಸ್ಥಾಪಕರಿಗೆ ಮನವಿ ಸಲ್ಲಿಸಿ, ಜಿಲ್ಲಾ ಸಮಿತಿ ಸದಸ್ಯ ಪಿ.ಶ್ರೀನಿವಾಸ್ ಅವರು ಮಾತನಾಡಿದರು, ಕೆಜಿಎಫ್, ಬಂಗಾರಪೇಟೆ, ಮಾಲೂರು ತಾಲ್ಲೂಕುಗಳಿಂದ ಪ್ರತಿದಿನ 20 ಸಾವಿರಕ್ಕೂ ಹೆಚ್ಚು ಜನರು ದಿನನಿತ್ಯ ಕೆಲಸಕ್ಕಾಗಿ ಬೆಂಗಳೂರಿಗೆ ಪ್ರಯಾಣಿಸುತ್ತಾರೆ. ಈ ನಿಲ್ದಾಣಗಳಿಂದ ಬೆಂಗಳೂರಿಗೆ ಆಗಾಗ್ಗೆ ಪ್ರಯಾಣಿಸುವ ನೂರಾರು ವಿವಿಧ ವರ್ಗದ ಜನರಿದ್ದಾರೆ. ಬಹುತೇಕ ಜನರಿಗೆ ರೈಲುಗಳು ಏಕೈಕ ಸಾರಿಗೆ ಸಾಧನವಾಗಿದೆ. ಮತ್ತು ಕೆಜಿಎಫ್, ಬಂಗಾರಪೇಟೆ ಮತ್ತು ಮಾಲೂರು ತಾಲ್ಲೂಕುಗಳಲ್ಲಿ ವಾಸಿಸುವ ಜನರ ಜೀವನೋಪಾಯಕ್ಕೆ ಇದು ಪ್ರಮುಖ ಆಧಾರವಾಗಿದೆ. ಈ ನಿಲ್ದಾಣಗಳಲ್ಲಿ ಆದಾಯ ಗಳಿಸುವಲ್ಲಿ ದೈನಂದಿನ ಪ್ರಯಾಣಿಕರ ಕೊಡುಗೆ ಗಣನೀಯವಾಗಿದೆ ರೈಲು ಸಂಖ್ಯೆ

cpim-protest-railway-station-photo

66532 ಮೂಲತಃ ಕೆಎಸ್‌ಆರ್ ಬೆಂಗಳೂರು ರೈಲು ನಿಲ್ದಾಣದಿಂದ ಮಾರಿಕುಪ್ಪಂವರೆಗೆ ಕಾರ್ಯನಿರ್ವಹಿಸುತ್ತಿತ್ತು ಎಂದು ನಿಮಗೆ ತಿಳಿದ ವಿಷಯವಾಗಿದೆ. ಈ ನಿಲ್ದಾಣದಿಂದ ಹೊರಡುವ ಸಮಯ ಮಧ್ಯಾಹ್ನ 2.55 ಆಗಿತ್ತು ಎಂದು ಹೇಳಿದರು.

ಜಿಲ್ಲಾ ಕಾರ್ಯದರ್ಶಿ ಮಂಡಳಿ ಸದಸ್ಯ ಎ.ಆರ್.ಬಾಬು ಮಾತನಾಡಿ, ಕೆಎಸ್‌ಆರ್ ಬೆಂಗಳೂರು ರೈಲು ನಿಲ್ದಾಣದಿಂದ ಈ ರೈಲು ಹೊರಡುವ ಸಮಯವನ್ನು ಮಧ್ಯಾಹ್ನ 2.55ಕ್ಕೆ ನಿಗದಿಪಡಿಸಲು ಮುಖ್ಯ ಕಾರಣವೇನೆಂದರೆ, ಎಚ್‌ಎಎಲ್, ಬಿಇಎಂಎಲ್ ಮುಂತಾದ ಕಾರ್ಖಾನೆಗಳಲ್ಲಿ ಮೊದಲ ಪಾಳಿಯಲ್ಲಿ ಕೆಲಸಕ್ಕಾಗಿ ಬೆಂಗಳೂರಿನ ಕಡೆಗೆ ಪ್ರಯಾಣಿಸುವ ಸಾವಿರಾರು ಜನರು ಕೆಲಸ ಮುಗಿಸಿ ಮಾರಿಕುಪ್ಪಂ ಕಡೆಗೆ

ಹಿಂತಿರುಗುವಾಗ ಕೆಎಸ್‌ಆರ್ ಬೆಂಗಳೂರು ರೈಲು ನಿಲ್ದಾಣ, ಕೃಷ್ಣರಾಜಪುರಂ, ವೈಟ್‌ಫೀಲ್ಡ್‌ನಲ್ಲಿ ಈ ರೈಲನ್ನು ಹತ್ತಲು ಸಾಧ್ಯವಾಗುವಂತೆ ಮಾಡುವುದು. ಈ ರೈಲಿನ ಪ್ರಾರಂಭದ ನಿಲ್ದಾಣವನ್ನು ವೈಟ್‌ಫೀಲ್ಡ್‌ಗೆ ಬದಲಾಯಿಸಲಾಯಿತು. ನಾವು ರೈಲ್ವೆ ಅಧಿಕಾರಿಗಳನ್ನು ಸಂಪರ್ಕಿಸಿದಾಗ ಮೂಲ ಮತ್ತು ನಿರ್ಗಮನ ಸಮಯವನ್ನು ಪುನಃಸ್ಥಾಪಿಸಲಾಗುವುದು ಎಂದು ಅವರು ನಮಗೆ ಭರವಸೆ ನೀಡಿದರು. ಆದರೆ ಇಲ್ಲಿಯವರೆಗೆ ಈ ಭರವಸೆ ಈಡೇರಿರುವುದಿಲ್ಲ ಎಂದು ಅಭಿಪ್ರಾಯ ವ್ಯಕ್ತಪಡಿಸಿದರು.

ಕೆಜಿಎಫ್ ತಾಲ್ಲೂಕು ಕಾರ್ಯದರ್ಶಿ ಪಿ.ತಂಗರಾಜ್ ಮಾತನಾಡಿ, ನಿಲ್ದಾಣದ ಮೂಲ ಮತ್ತು ಸಮಯದ ಬದಲಾವಣೆಯು ಸಾವಿರಾರು ಕಾರ್ಮಿಕರ ಜೀವನವನ್ನು ದುಸ್ತರಗೊಳಿಸಿದೆ.

ಬೃಂದಾವನ್ ಎಕ್ಸ್‌ಪ್ರೆಸ್‌ನಂತಹ ರೈಲುಗಳನ್ನು ಹತ್ತಿ ಕೆಜಿಎಫ್‌ಗೆ ಮುಂದಿನ ಪ್ರಯಾಣಕ್ಕಾಗಿ ಬಂಗಾರಪೇಟೆ ಜಂಕ್ಷನ್‌ನಲ್ಲಿ ಕಾಯುವ ಸಾವಿರಾರು ಕಾರ್ಮಿಕರು ಬೃಂದಾವನ್ ಎಕ್ಸ್‌ಪ್ರೆಸ್ ಬಂಗಾರಪೇಟೆ ಜಂಕ್ಷನ್ ತಲುಪುವ ಮುನ್ನವೇ ಈ ರೈಲು (66532) ಬಂಗಾರಪೇಟೆ ಜಂಕ್ಷನ್‌ನಿಂದ ಮಾರಿಕುಪ್ಪಂ ಕಡೆಗೆ ಹೊರಡುವುದರಿಂದ ತೀವ್ರವಾಗಿ ತೊಂದರೆಗೆ ಒಳಗಾಗುತ್ತಿದ್ದಾರೆ. ಅನೇಕ ಸೂಪರ್ ಫಾಸ್ಟ್ ಎಕ್ಸ್‌ಪ್ರೆಸ್ ರೈಲುಗಳು ವೈಟ್‌ಫೀಲ್ಡ್‌ನಲ್ಲಿ ನಿಲ್ಲುವುದಿಲ್ಲವಾದ್ದರಿಂದ ಅವರಿಗೆ ಹತ್ತಲು ಬೇರೆ ರೈಲುಗಳಿಲ್ಲ. ಆದ್ದರಿಂದ ನಂತರ ಬರುವ ಕಿಕ್ಕಿರಿದ ಪ್ಯಾಸೆಂಜರ್ ರೈಲುಗಳಲ್ಲಿ ಹತ್ತಬೇಕಾಗುತ್ತದೆ ಎಂದು ತಿಳಿಸಿದರು.

ಆದ್ದರಿಂದ ದೈನಂದಿನ ಪ್ರಯಾಣಿಕರು ಎದುರಿಸುತ್ತಿರುವ ತೀವ್ರ ತೊಂದರೆಗಳನ್ನು ಪರಿಶೀಲಿಸಿ, ವಿಶೇಷವಾಗಿ ದೈನಂದಿನ ಪ್ರಯಾಣಿಕರ ಹಿತದೃಷ್ಟಿಯಿಂದ ಕೆಎಸ್‌ಆರ್ ಬೆಂಗಳೂರು ರೈಲು ನಿಲ್ದಾಣದಿಂದ ರೈಲು ಸಂಖ್ಯೆ 66532 ರ ಸೇವೆಗಳನ್ನು ಪುನಃಸ್ಥಾಪಿಸಲು ತಾವು ಸೂಕ್ತ ಕ್ರಮ ಕೈಗೊಳ್ಳಬೇಕೆಂದು ಆಗ್ರಹಿಸಿದರು.

ಟಿ.ಅಪ್ಪಯ್ಯಣ್ಣ, ಎಸ್.ಡಿ.ಆನಂದನ್, ಎ.ಪಿಚ್ಚಕಣ್ಣು, ಸಿ.ಆರ್.ಮೂರ್ತಿ, ತಿರುಪತಿ, ಪಿ.ಆನಂದರಾಜ್, ನಿರೇಶ್‌ಬಾಬು, ವಿಜಯನ್, ಎ.ಸಿ.ವೇಲಾಯುದನ್, ಲಿಯೋರಾಜ್, ಶಾಂತಕುಮಾರ್, ನಿಕ್ಸನ್ ಇದ್ದರು.

CMY
